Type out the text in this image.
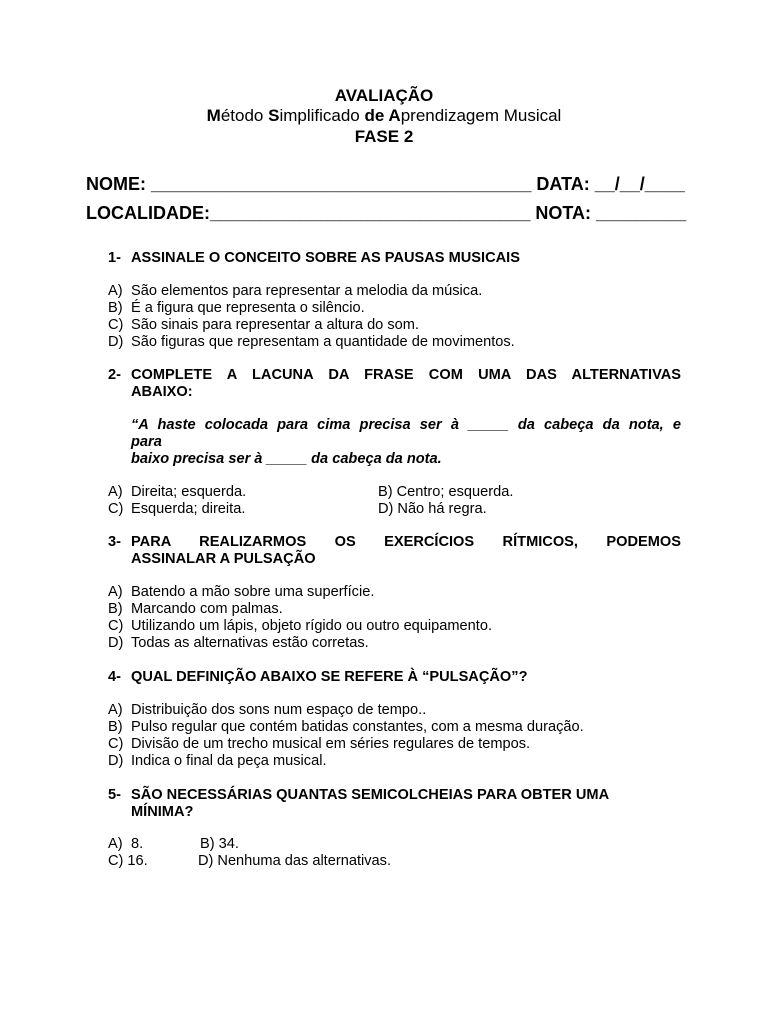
AVALIAÇÃO
Método Simplificado de Aprendizagem Musical
FASE 2
NOME: ______________________________________ DATA: __/__/____
LOCALIDADE:________________________________ NOTA: _________
1- ASSINALE O CONCEITO SOBRE AS PAUSAS MUSICAIS
A) São elementos para representar a melodia da música.
B) É a figura que representa o silêncio.
C) São sinais para representar a altura do som.
D) São figuras que representam a quantidade de movimentos.
2- COMPLETE A LACUNA DA FRASE COM UMA DAS ALTERNATIVAS
ABAIXO:
“A haste colocada para cima precisa ser à _____ da cabeça da nota, e
para
baixo precisa ser à _____ da cabeça da nota.
A) Direita; esquerda.	B) Centro; esquerda.
C) Esquerda; direita.	D) Não há regra.
3- PARA REALIZARMOS OS EXERCÍCIOS RÍTMICOS, PODEMOS
ASSINALAR A PULSAÇÃO
A) Batendo a mão sobre uma superfície.
B) Marcando com palmas.
C) Utilizando um lápis, objeto rígido ou outro equipamento.
D) Todas as alternativas estão corretas.
4- QUAL DEFINIÇÃO ABAIXO SE REFERE À “PULSAÇÃO”?
A) Distribuição dos sons num espaço de tempo..
B) Pulso regular que contém batidas constantes, com a mesma duração.
C) Divisão de um trecho musical em séries regulares de tempos.
D) Indica o final da peça musical.
5- SÃO NECESSÁRIAS QUANTAS SEMICOLCHEIAS PARA OBTER UMA
MÍNIMA?
A) 8.	B) 34.
C) 16.	D) Nenhuma das alternativas.
